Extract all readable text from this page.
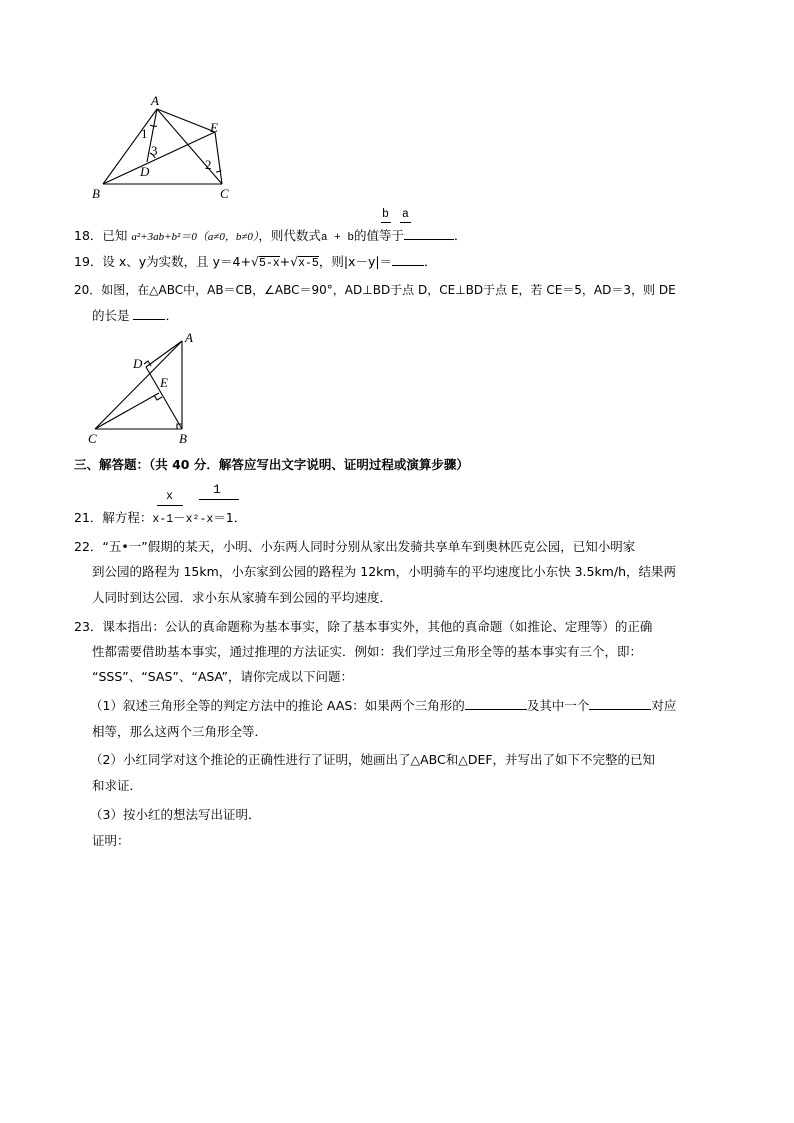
A
E
1
3
2
D
B	C
b a
18．已知 a²+3ab+b²＝0（a≠0，b≠0），则代数式a + b的值等于	．
19．设 x、y为实数，且 y＝4+√5-x+√x-5，则|x－y|＝	．
20．如图，在△ABC中，AB＝CB，∠ABC＝90°，AD⊥BD于点 D，CE⊥BD于点 E，若 CE＝5，AD＝3，则 DE
的长是	．
A
D
E
C	B
三、解答题：（共 40 分．解答应写出文字说明、证明过程或演算步骤）
x	1
21．解方程：x-1－x²-x＝1．
22．“五•一”假期的某天，小明、小东两人同时分别从家出发骑共享单车到奥林匹克公园，已知小明家
到公园的路程为 15km，小东家到公园的路程为 12km，小明骑车的平均速度比小东快 3.5km/h，结果两
人同时到达公园．求小东从家骑车到公园的平均速度．
23．课本指出：公认的真命题称为基本事实，除了基本事实外，其他的真命题（如推论、定理等）的正确
性都需要借助基本事实，通过推理的方法证实．例如：我们学过三角形全等的基本事实有三个，即：
“SSS”、“SAS”、“ASA”，请你完成以下问题：
（1）叙述三角形全等的判定方法中的推论 AAS：如果两个三角形的	及其中一个	对应
相等，那么这两个三角形全等．
（2）小红同学对这个推论的正确性进行了证明，她画出了△ABC和△DEF，并写出了如下不完整的已知
和求证．
（3）按小红的想法写出证明．
证明：
